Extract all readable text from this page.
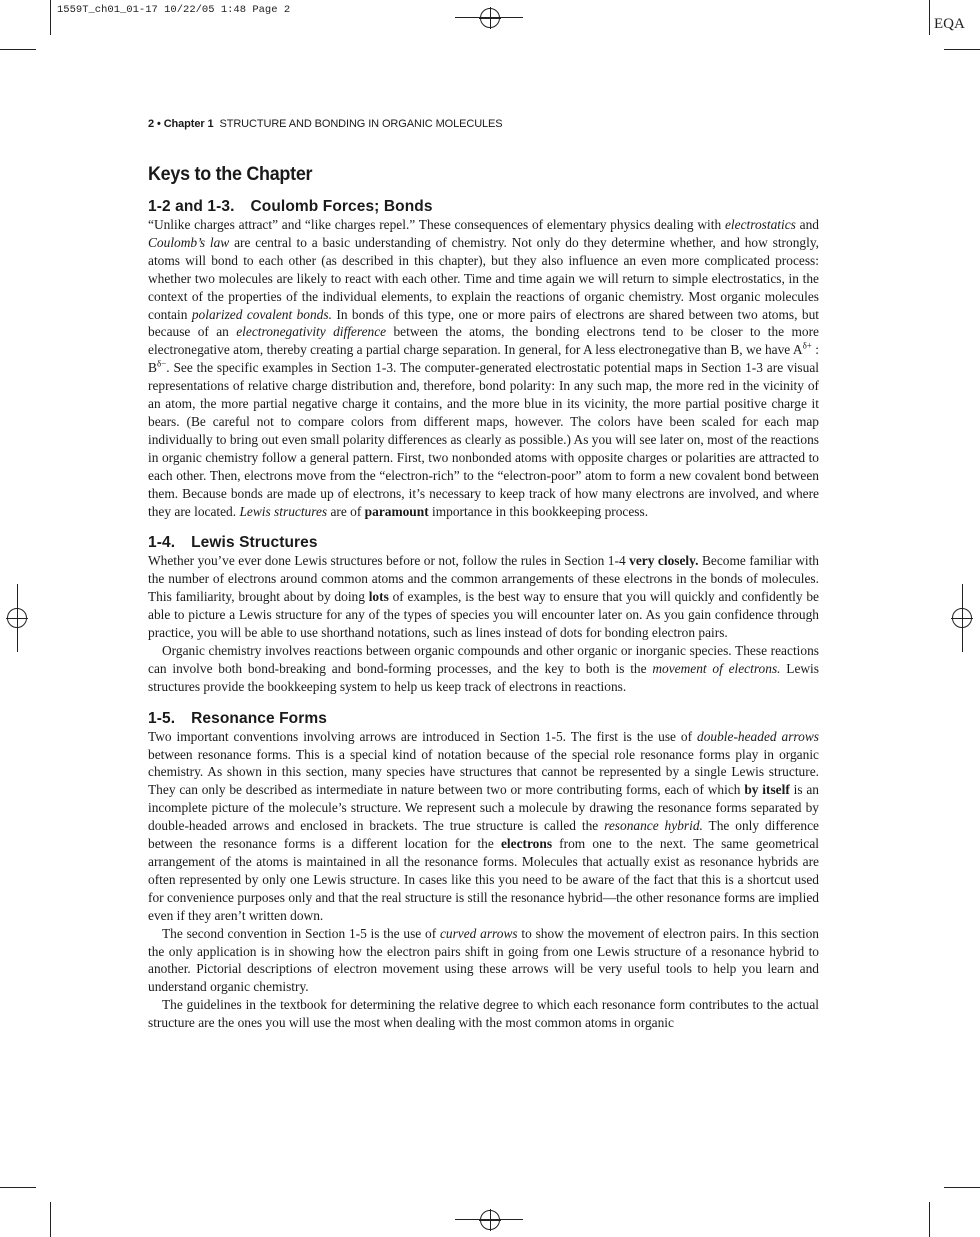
1559T_ch01_01-17 10/22/05 1:48 Page 2
EQA
2 • Chapter 1 STRUCTURE AND BONDING IN ORGANIC MOLECULES
Keys to the Chapter
1-2 and 1-3. Coulomb Forces; Bonds

“Unlike charges attract” and “like charges repel.” These consequences of elementary physics dealing with electrostatics and Coulomb’s law are central to a basic understanding of chemistry. Not only do they determine whether, and how strongly, atoms will bond to each other (as described in this chapter), but they also influence an even more complicated process: whether two molecules are likely to react with each other. Time and time again we will return to simple electrostatics, in the context of the properties of the individual elements, to explain the reactions of organic chemistry. Most organic molecules contain polarized covalent bonds. In bonds of this type, one or more pairs of electrons are shared between two atoms, but because of an electronegativity difference between the atoms, the bonding electrons tend to be closer to the more electronegative atom, thereby creating a partial charge separation. In general, for A less electronegative than B, we have $A^{\delta+}$ : $B^{\delta-}$. See the specific examples in Section 1-3. The computer-generated electrostatic potential maps in Section 1-3 are visual representations of relative charge distribution and, therefore, bond polarity: In any such map, the more red in the vicinity of an atom, the more partial negative charge it contains, and the more blue in its vicinity, the more partial positive charge it bears. (Be careful not to compare colors from different maps, however. The colors have been scaled for each map individually to bring out even small polarity differences as clearly as possible.) As you will see later on, most of the reactions in organic chemistry follow a general pattern. First, two nonbonded atoms with opposite charges or polarities are attracted to each other. Then, electrons move from the “electron-rich” to the “electron-poor” atom to form a new covalent bond between them. Because bonds are made up of electrons, it’s necessary to keep track of how many electrons are involved, and where they are located. Lewis structures are of paramount importance in this bookkeeping process.

1-4. Lewis Structures

Whether you’ve ever done Lewis structures before or not, follow the rules in Section 1-4 very closely. Become familiar with the number of electrons around common atoms and the common arrangements of these electrons in the bonds of molecules. This familiarity, brought about by doing lots of examples, is the best way to ensure that you will quickly and confidently be able to picture a Lewis structure for any of the types of species you will encounter later on. As you gain confidence through practice, you will be able to use shorthand notations, such as lines instead of dots for bonding electron pairs.

Organic chemistry involves reactions between organic compounds and other organic or inorganic species. These reactions can involve both bond-breaking and bond-forming processes, and the key to both is the movement of electrons. Lewis structures provide the bookkeeping system to help us keep track of electrons in reactions.

1-5. Resonance Forms

Two important conventions involving arrows are introduced in Section 1-5. The first is the use of double-headed arrows between resonance forms. This is a special kind of notation because of the special role resonance forms play in organic chemistry. As shown in this section, many species have structures that cannot be represented by a single Lewis structure. They can only be described as intermediate in nature between two or more contributing forms, each of which by itself is an incomplete picture of the molecule’s structure. We represent such a molecule by drawing the resonance forms separated by double-headed arrows and enclosed in brackets. The true structure is called the resonance hybrid. The only difference between the resonance forms is a different location for the electrons from one to the next. The same geometrical arrangement of the atoms is maintained in all the resonance forms. Molecules that actually exist as resonance hybrids are often represented by only one Lewis structure. In cases like this you need to be aware of the fact that this is a shortcut used for convenience purposes only and that the real structure is still the resonance hybrid—the other resonance forms are implied even if they aren’t written down.

The second convention in Section 1-5 is the use of curved arrows to show the movement of electron pairs. In this section the only application is in showing how the electron pairs shift in going from one Lewis structure of a resonance hybrid to another. Pictorial descriptions of electron movement using these arrows will be very useful tools to help you learn and understand organic chemistry.

The guidelines in the textbook for determining the relative degree to which each resonance form contributes to the actual structure are the ones you will use the most when dealing with the most common atoms in organic
